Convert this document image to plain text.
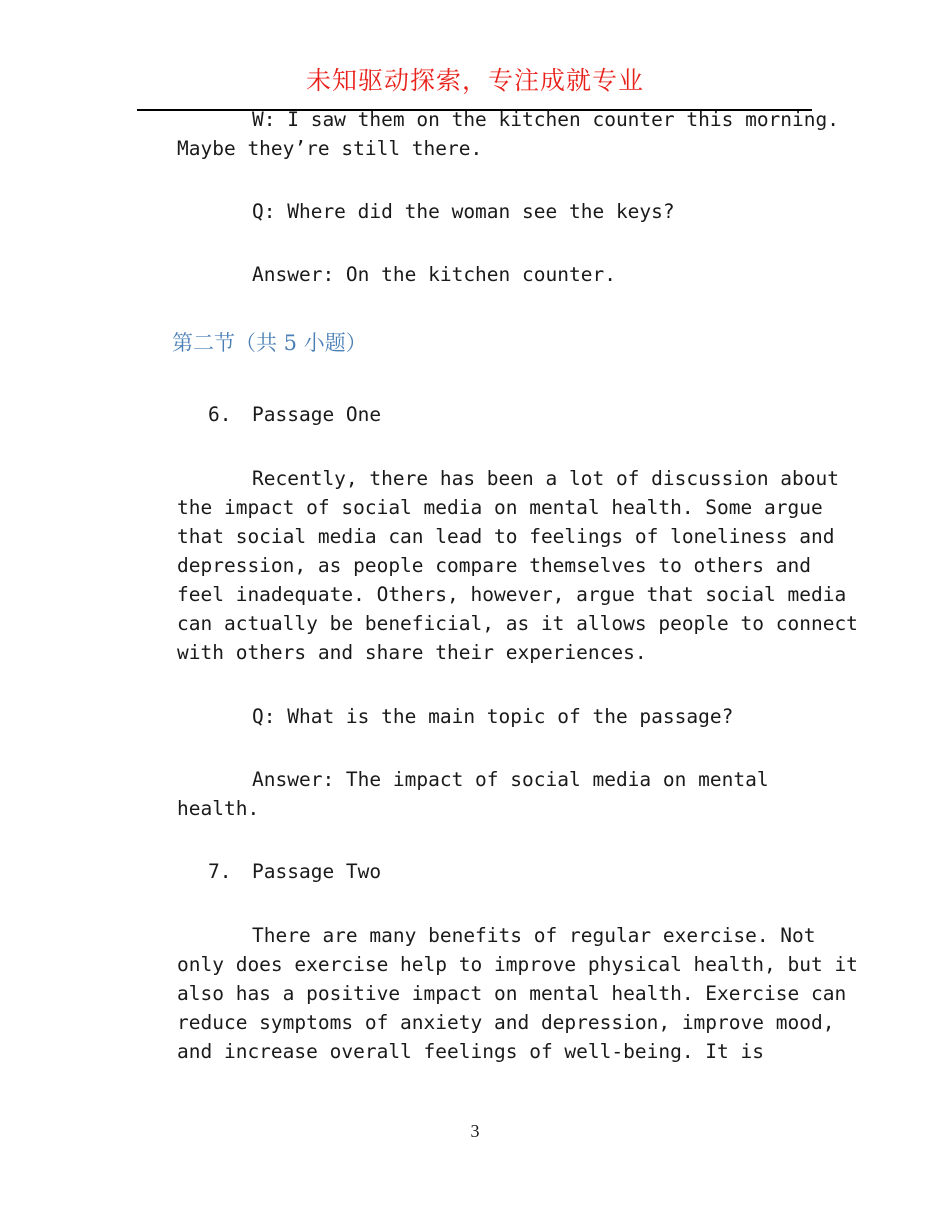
未知驱动探索，专注成就专业
W: I saw them on the kitchen counter this morning.
Maybe they’re still there.
Q: Where did the woman see the keys?
Answer: On the kitchen counter.
第二节（共 5 小题）
6. Passage One
Recently, there has been a lot of discussion about
the impact of social media on mental health. Some argue
that social media can lead to feelings of loneliness and
depression, as people compare themselves to others and
feel inadequate. Others, however, argue that social media
can actually be beneficial, as it allows people to connect
with others and share their experiences.
Q: What is the main topic of the passage?
Answer: The impact of social media on mental
health.
7. Passage Two
There are many benefits of regular exercise. Not
only does exercise help to improve physical health, but it
also has a positive impact on mental health. Exercise can
reduce symptoms of anxiety and depression, improve mood,
and increase overall feelings of well-being. It is
3
